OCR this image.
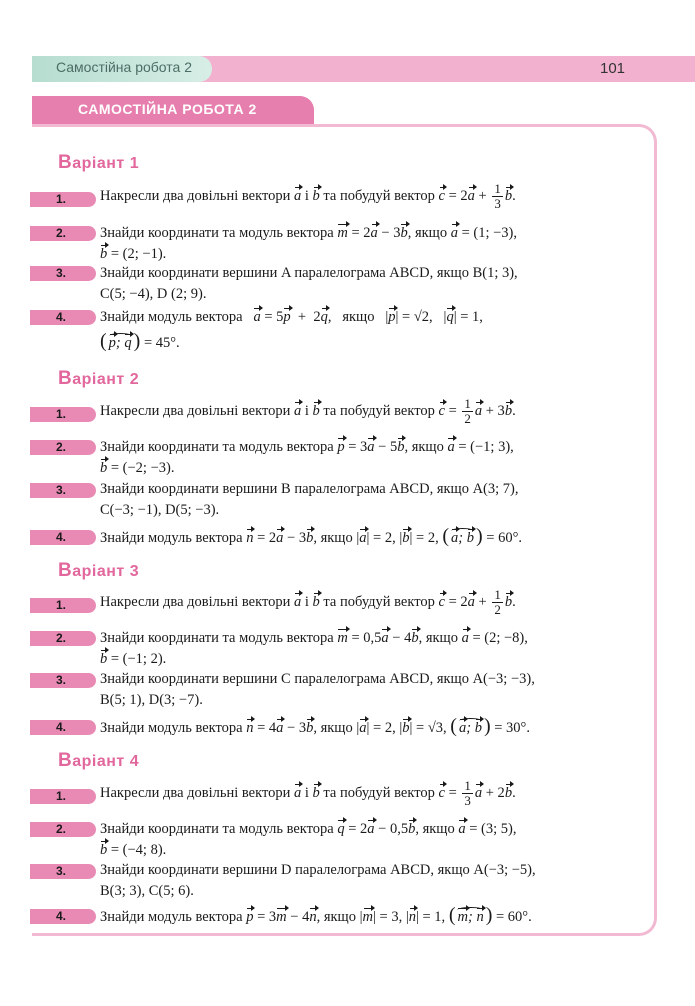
Самостійна робота 2	101
САМОСТІЙНА РОБОТА 2
Варіант 1
1. Накресли два довільні вектори a і b та побудуй вектор $c = 2a + \frac{1}{3} b$.
2. Знайди координати та модуль вектора m = 2a − 3b, якщо a = (1; −3),
b = (2; −1).
3. Знайди координати вершини A паралелограма ABCD, якщо B(1; 3),
C(5; −4), D (2; 9).
4. Знайди модуль вектора a = 5p  +  2q,   якщо   |p| = √2,   |q| = 1,
( p; q ) = 45°.
Варіант 2
1. Накресли два довільні вектори a і b та побудуй вектор $c = \frac{1}{2}$ a + 3b.
2. Знайди координати та модуль вектора p = 3a − 5b, якщо a = (−1; 3),
b = (−2; −3).
3. Знайди координати вершини B паралелограма ABCD, якщо A(3; 7),
C(−3; −1), D(5; −3).
4. Знайди модуль вектора n = 2a − 3b, якщо |a| = 2, |b| = 2, ( a; b ) = 60°.
Варіант 3
1. Накресли два довільні вектори a і b та побудуй вектор $c = 2a + \frac{1}{2} b$.
2. Знайди координати та модуль вектора m = 0,5a − 4b, якщо a = (2; −8),
b = (−1; 2).
3. Знайди координати вершини C паралелограма ABCD, якщо A(−3; −3),
B(5; 1), D(3; −7).
4. Знайди модуль вектора n = 4a − 3b, якщо |a| = 2, |b| = √3, ( a; b ) = 30°.
Варіант 4
1. Накресли два довільні вектори a і b та побудуй вектор $c = \frac{1}{3}$ a + 2b.
2. Знайди координати та модуль вектора q = 2a − 0,5b, якщо a = (3; 5),
b = (−4; 8).
3. Знайди координати вершини D паралелограма ABCD, якщо A(−3; −5),
B(3; 3), C(5; 6).
4. Знайди модуль вектора p = 3m − 4n, якщо |m| = 3, |n| = 1, ( m; n ) = 60°.
